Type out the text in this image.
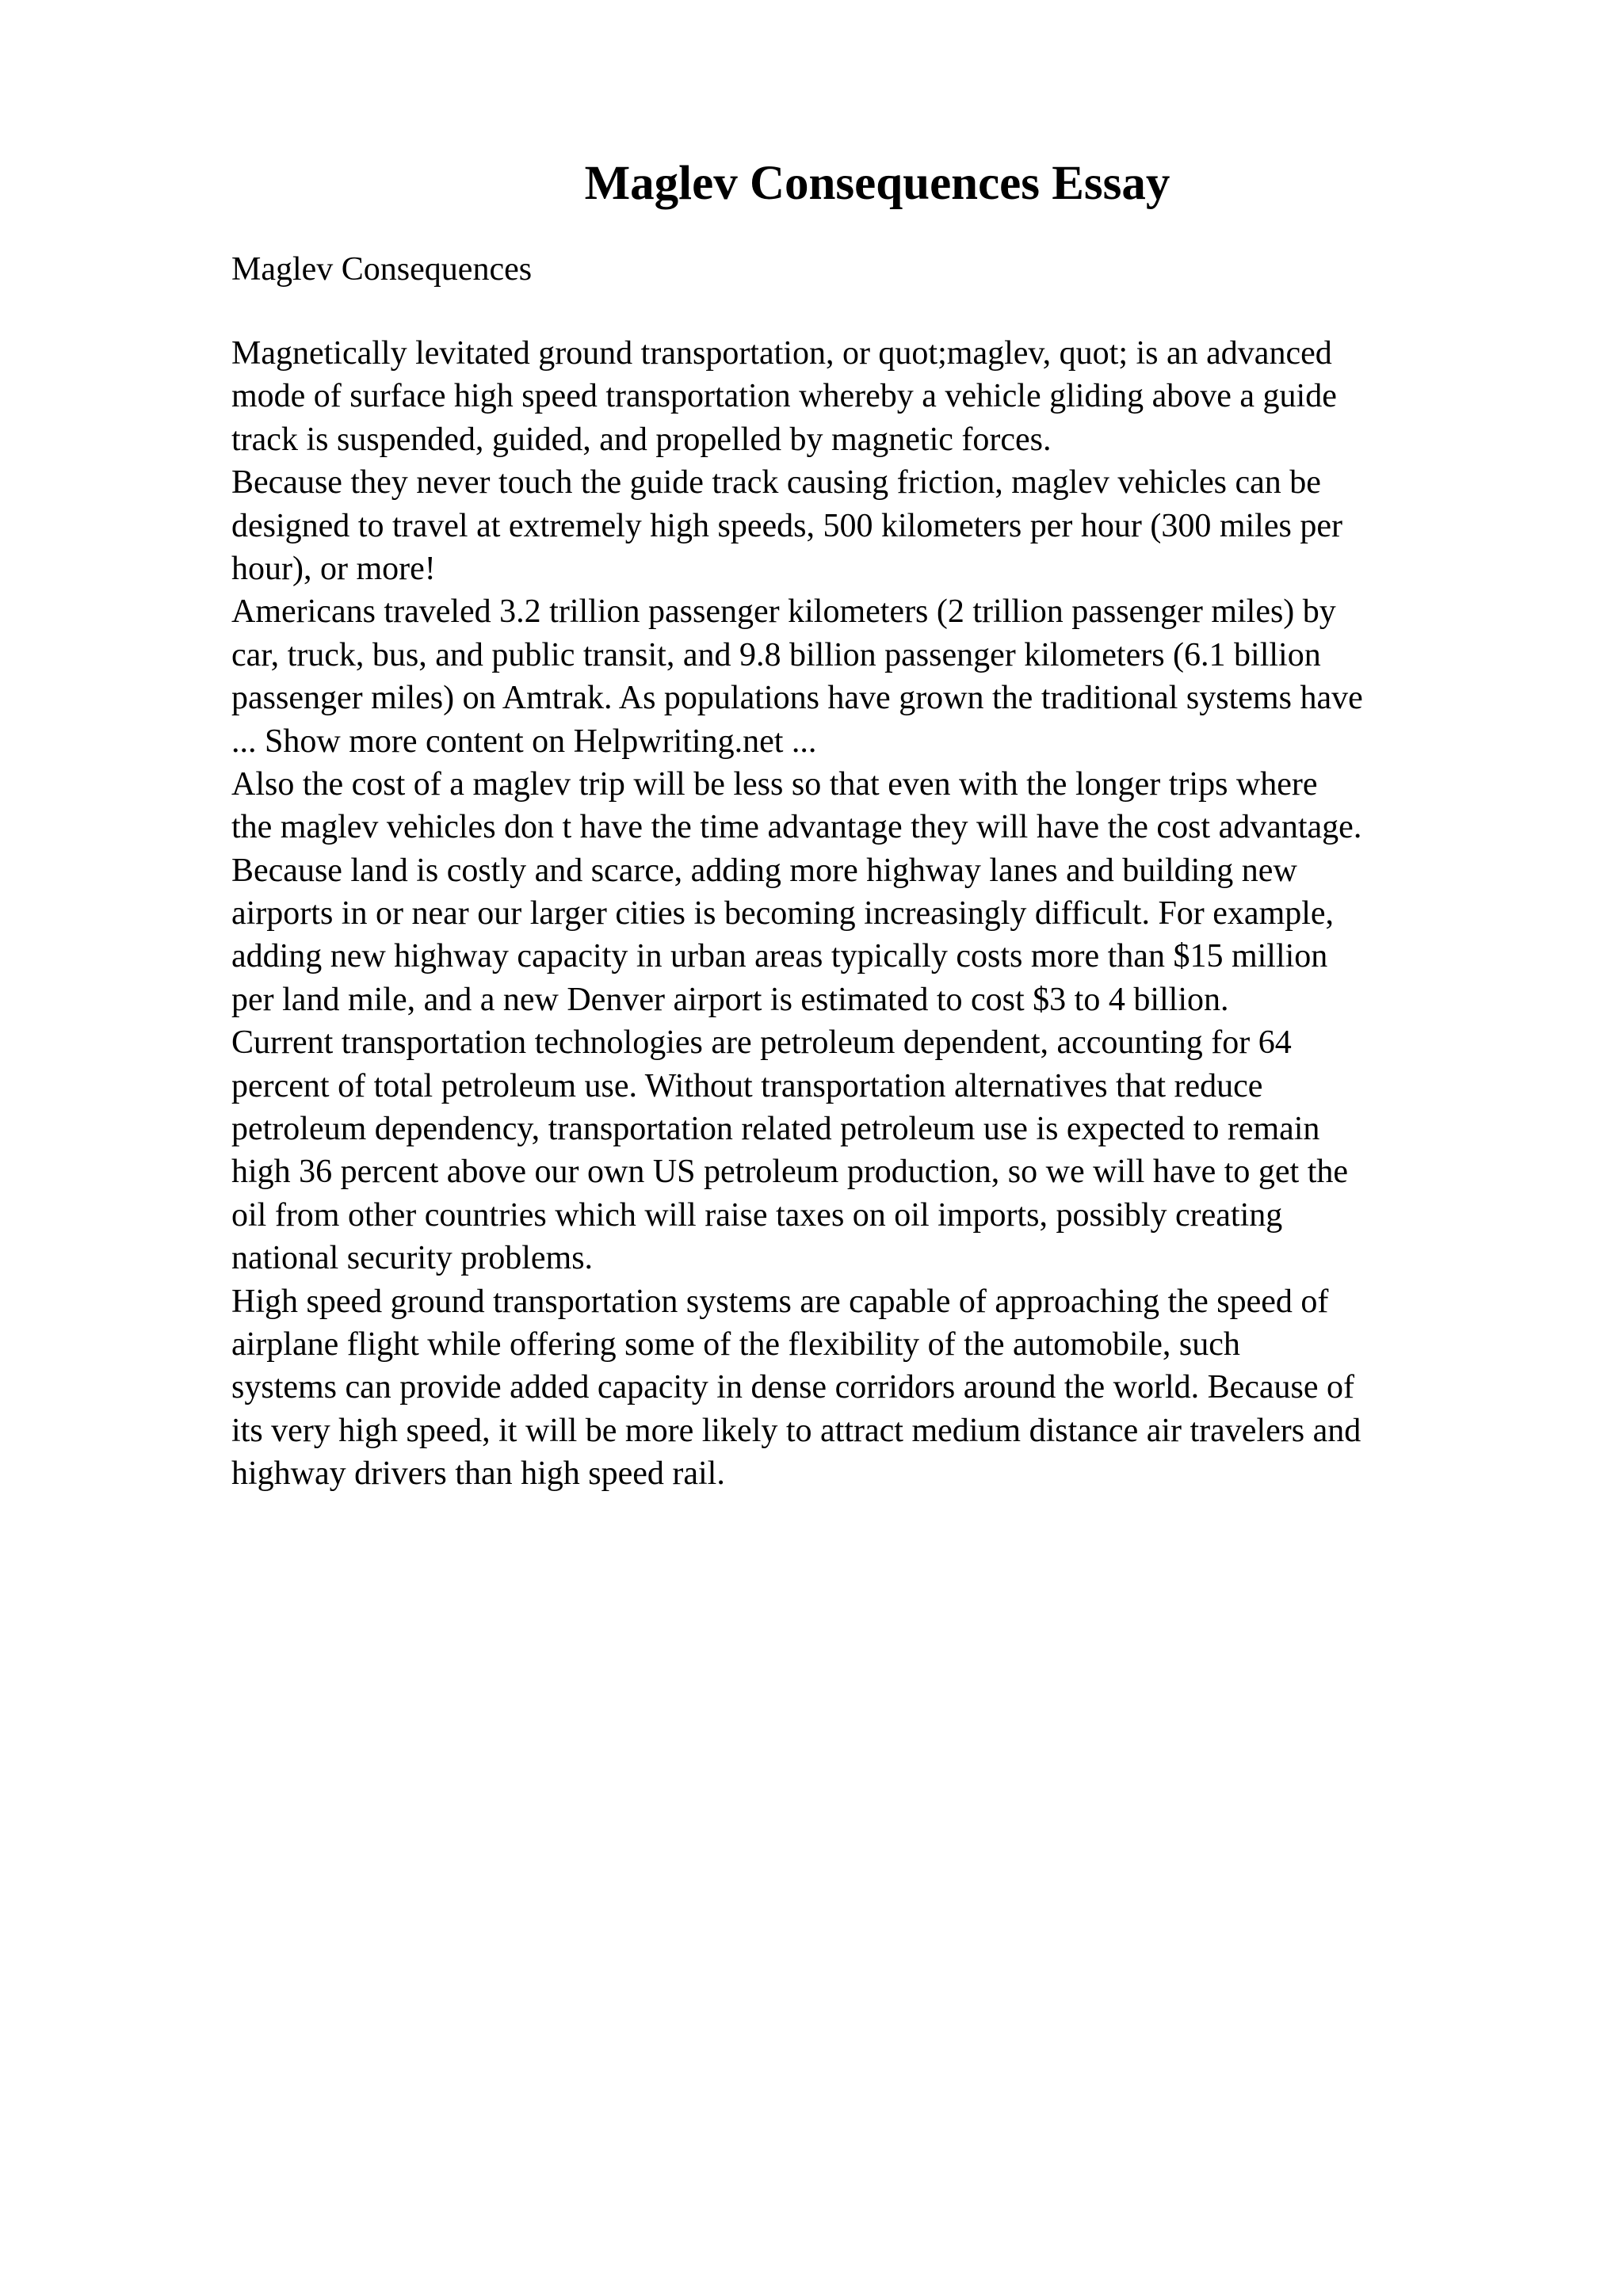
Maglev Consequences Essay

Maglev Consequences

Magnetically levitated ground transportation, or quot;maglev, quot; is an advanced
mode of surface high speed transportation whereby a vehicle gliding above a guide
track is suspended, guided, and propelled by magnetic forces.
Because they never touch the guide track causing friction, maglev vehicles can be
designed to travel at extremely high speeds, 500 kilometers per hour (300 miles per
hour), or more!
Americans traveled 3.2 trillion passenger kilometers (2 trillion passenger miles) by
car, truck, bus, and public transit, and 9.8 billion passenger kilometers (6.1 billion
passenger miles) on Amtrak. As populations have grown the traditional systems have
... Show more content on Helpwriting.net ...
Also the cost of a maglev trip will be less so that even with the longer trips where
the maglev vehicles don t have the time advantage they will have the cost advantage.
Because land is costly and scarce, adding more highway lanes and building new
airports in or near our larger cities is becoming increasingly difficult. For example,
adding new highway capacity in urban areas typically costs more than $15 million
per land mile, and a new Denver airport is estimated to cost $3 to 4 billion.
Current transportation technologies are petroleum dependent, accounting for 64
percent of total petroleum use. Without transportation alternatives that reduce
petroleum dependency, transportation related petroleum use is expected to remain
high 36 percent above our own US petroleum production, so we will have to get the
oil from other countries which will raise taxes on oil imports, possibly creating
national security problems.
High speed ground transportation systems are capable of approaching the speed of
airplane flight while offering some of the flexibility of the automobile, such
systems can provide added capacity in dense corridors around the world. Because of
its very high speed, it will be more likely to attract medium distance air travelers and
highway drivers than high speed rail.
